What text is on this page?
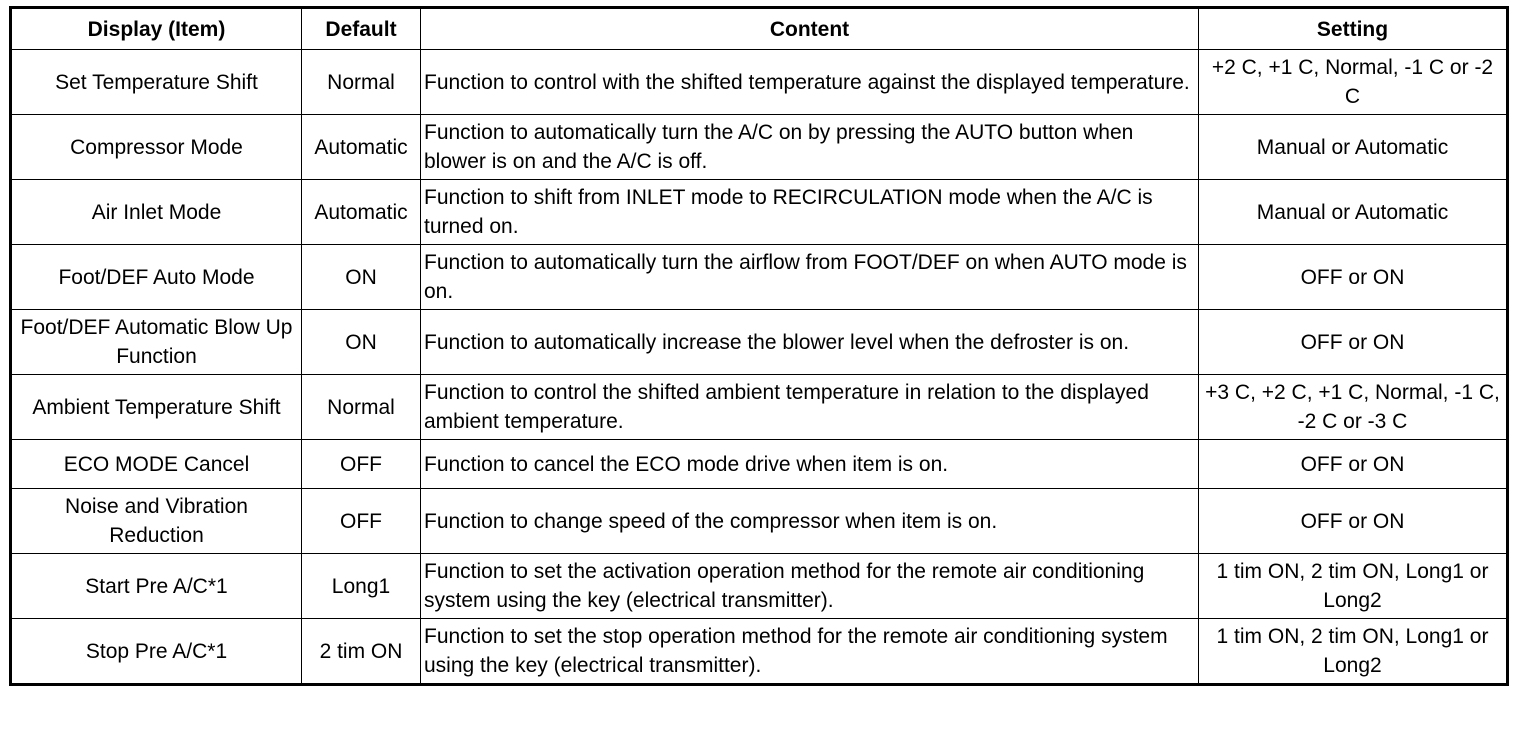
Display (Item)	Default	Content	Setting
Set Temperature Shift	Normal	Function to control with the shifted temperature against the displayed temperature.	+2 C, +1 C, Normal, -1 C or -2 C
Compressor Mode	Automatic	Function to automatically turn the A/C on by pressing the AUTO button when blower is on and the A/C is off.	Manual or Automatic
Air Inlet Mode	Automatic	Function to shift from INLET mode to RECIRCULATION mode when the A/C is turned on.	Manual or Automatic
Foot/DEF Auto Mode	ON	Function to automatically turn the airflow from FOOT/DEF on when AUTO mode is on.	OFF or ON
Foot/DEF Automatic Blow Up Function	ON	Function to automatically increase the blower level when the defroster is on.	OFF or ON
Ambient Temperature Shift	Normal	Function to control the shifted ambient temperature in relation to the displayed ambient temperature.	+3 C, +2 C, +1 C, Normal, -1 C, -2 C or -3 C
ECO MODE Cancel	OFF	Function to cancel the ECO mode drive when item is on.	OFF or ON
Noise and Vibration Reduction	OFF	Function to change speed of the compressor when item is on.	OFF or ON
Start Pre A/C*1	Long1	Function to set the activation operation method for the remote air conditioning system using the key (electrical transmitter).	1 tim ON, 2 tim ON, Long1 or Long2
Stop Pre A/C*1	2 tim ON	Function to set the stop operation method for the remote air conditioning system using the key (electrical transmitter).	1 tim ON, 2 tim ON, Long1 or Long2
